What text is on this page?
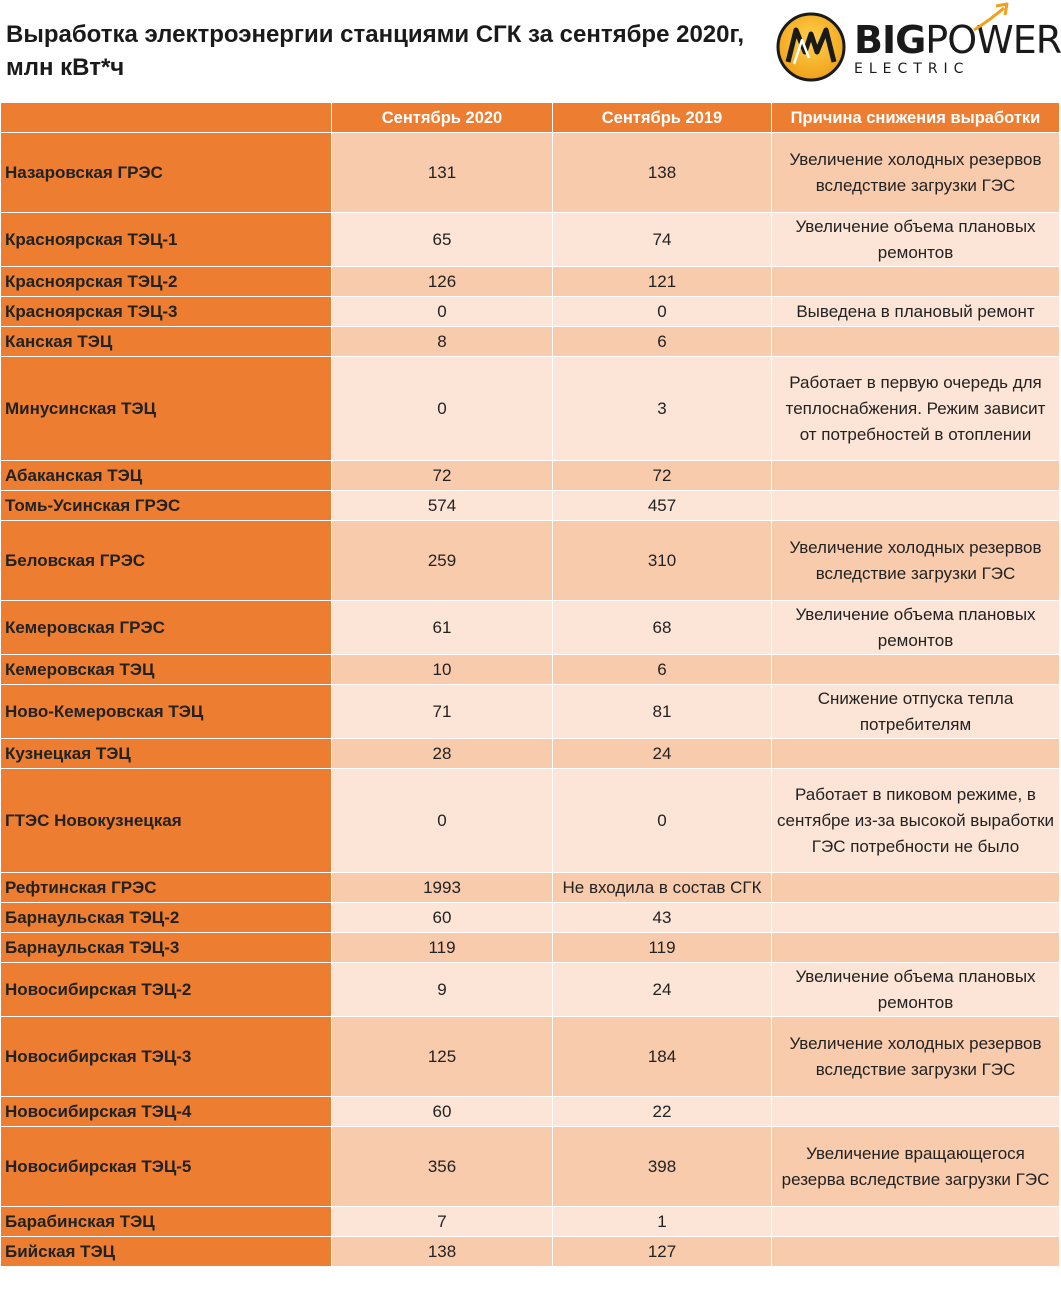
Выработка электроэнергии станциями СГК за сентябре 2020г, млн кВт*ч
BIGPOWER
ELECTRIC
	Сентябрь 2020	Сентябрь 2019	Причина снижения выработки
Назаровская ГРЭС	131	138	Увеличение холодных резервов вследствие загрузки ГЭС
Красноярская ТЭЦ-1	65	74	Увеличение объема плановых ремонтов
Красноярская ТЭЦ-2	126	121	
Красноярская ТЭЦ-3	0	0	Выведена в плановый ремонт
Канская ТЭЦ	8	6	
Минусинская ТЭЦ	0	3	Работает в первую очередь для теплоснабжения. Режим зависит от потребностей в отоплении
Абаканская ТЭЦ	72	72	
Томь-Усинская ГРЭС	574	457	
Беловская ГРЭС	259	310	Увеличение холодных резервов вследствие загрузки ГЭС
Кемеровская ГРЭС	61	68	Увеличение объема плановых ремонтов
Кемеровская ТЭЦ	10	6	
Ново-Кемеровская ТЭЦ	71	81	Снижение отпуска тепла потребителям
Кузнецкая ТЭЦ	28	24	
ГТЭС Новокузнецкая	0	0	Работает в пиковом режиме, в сентябре из-за высокой выработки ГЭС потребности не было
Рефтинская ГРЭС	1993	Не входила в состав СГК	
Барнаульская ТЭЦ-2	60	43	
Барнаульская ТЭЦ-3	119	119	
Новосибирская ТЭЦ-2	9	24	Увеличение объема плановых ремонтов
Новосибирская ТЭЦ-3	125	184	Увеличение холодных резервов вследствие загрузки ГЭС
Новосибирская ТЭЦ-4	60	22	
Новосибирская ТЭЦ-5	356	398	Увеличение вращающегося резерва вследствие загрузки ГЭС
Барабинская ТЭЦ	7	1	
Бийская ТЭЦ	138	127	
